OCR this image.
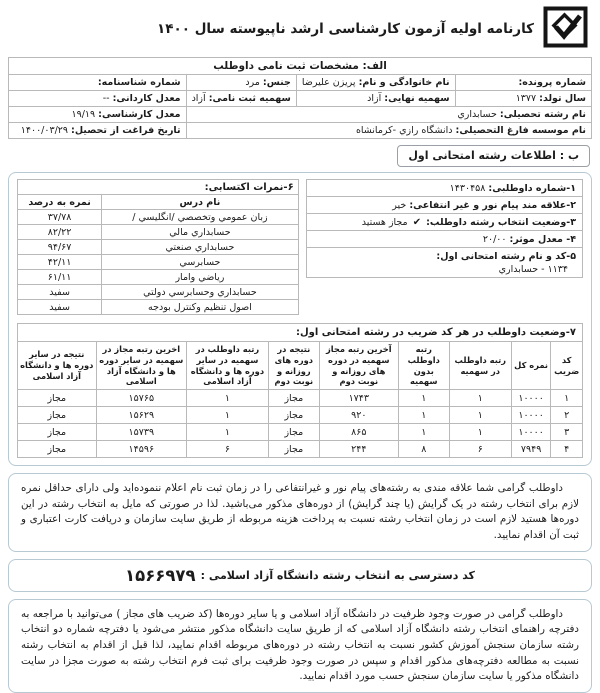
کارنامه اولیه آزمون کارشناسی ارشد ناپیوسته سال ۱۴۰۰
الف: مشخصات ثبت نامی داوطلب			
شماره پرونده:	نام خانوادگی و نام: پریزن علیرضا	جنس: مرد	شماره شناسنامه:
سال تولد: ۱۳۷۷	سهمیه نهایی: آزاد	سهمیه ثبت نامی: آزاد	معدل کاردانی: --
نام رشته تحصیلی: حسابداري			معدل کارشناسی: ۱۹/۱۹
نام موسسه فارغ التحصیلی: دانشگاه رازي -كرمانشاه			تاریخ فراغت از تحصیل: ۱۴۰۰/۰۳/۲۹
ب : اطلاعات رشته امتحانی اول
۱-شماره داوطلبی: ۱۴۳۰۴۵۸
۲-علاقه مند پیام نور و غیر انتفاعی: خیر
۳-وضعیت انتخاب رشته داوطلب: ✔ مجاز هستید
۴- معدل موثر: ۲۰/۰۰
۵-کد و نام رشته امتحانی اول:
۱۱۳۴ - حسابداري
۶-نمرات اکتسابی:	
نام درس	نمره به درصد
زبان عمومي وتخصصي /انگليسي /	۳۷/۷۸
حسابداري مالي	۸۲/۲۲
حسابداري صنعتي	۹۴/۶۷
حسابرسي	۴۲/۱۱
رياضي وامار	۶۱/۱۱
حسابداري وحسابرسي دولتي	سفید
اصول تنظيم وكنترل بودجه	سفید
۷-وضعیت داوطلب در هر کد ضریب در رشته امتحانی اول:								
کد ضریب	نمره کل	رتبه داوطلب در سهمیه	رتبه داوطلب بدون سهمیه	آخرین رتبه مجاز سهمیه در دوره های روزانه و نوبت دوم	نتیجه در دوره های روزانه و نوبت دوم	رتبه داوطلب در سهمیه در سایر دوره ها و دانشگاه آزاد اسلامی	اخرین رتبه مجاز در سهمیه در سایر دوره ها و دانشگاه آزاد اسلامی	نتیجه در سایر دوره ها و دانشگاه آزاد اسلامی
۱	۱۰۰۰۰	۱	۱	۱۷۴۳	مجاز	۱	۱۵۷۶۵	مجاز
۲	۱۰۰۰۰	۱	۱	۹۲۰	مجاز	۱	۱۵۶۲۹	مجاز
۳	۱۰۰۰۰	۱	۱	۸۶۵	مجاز	۱	۱۵۷۳۹	مجاز
۴	۷۹۴۹	۶	۸	۲۴۴	مجاز	۶	۱۴۵۹۶	مجاز
داوطلب گرامی شما علاقه مندی به رشته‌های پیام نور و غیرانتفاعی را در زمان ثبت نام اعلام ننموده‌اید ولی دارای حداقل نمره لازم برای انتخاب رشته در یک گرایش (یا چند گرایش) از دوره‌های مذکور می‌باشید. لذا در صورتی که مایل به انتخاب رشته در این دوره‌ها هستید لازم است در زمان انتخاب رشته نسبت به پرداخت هزینه مربوطه از طریق سایت سازمان و دریافت کارت اعتباری و ثبت آن اقدام نمایید.
کد دسترسی به انتخاب رشته دانشگاه آزاد اسلامی : ۱۵۶۶۹۷۹
داوطلب گرامی در صورت وجود ظرفیت در دانشگاه آزاد اسلامی و یا سایر دوره‌ها (کد ضریب های مجاز ) می‌توانید با مراجعه به دفترچه راهنمای انتخاب رشته دانشگاه آزاد اسلامی که از طریق سایت دانشگاه مذکور منتشر می‌شود یا دفترچه شماره دو انتخاب رشته سازمان سنجش آموزش کشور نسبت به انتخاب رشته در دوره‌های مربوطه اقدام نمایید، لذا قبل از اقدام به انتخاب رشته نسبت به مطالعه دفترچه‌های مذکور اقدام و سپس در صورت وجود ظرفیت برای ثبت فرم انتخاب رشته به صورت مجزا در سایت دانشگاه مذکور یا سایت سازمان سنجش حسب مورد اقدام نمایید.
